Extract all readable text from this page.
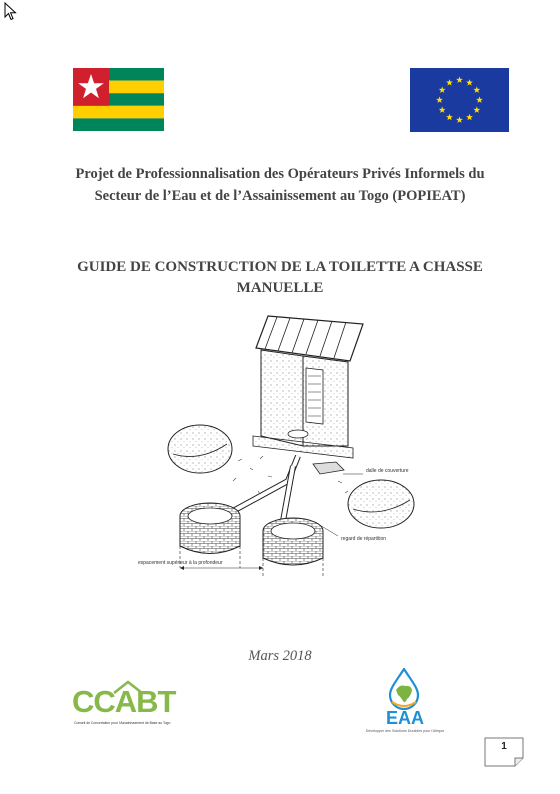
Projet de Professionnalisation des Opérateurs Privés Informels du Secteur de l’Eau et de l’Assainissement au Togo (POPIEAT)
GUIDE DE CONSTRUCTION DE LA TOILETTE A CHASSE MANUELLE
dalle de couverture
regard de répartition
espacement supérieur à la profondeur
Mars 2018
CCABT
Conseil de Concertation pour l'Assainissement de Base au Togo	EAA
Développer des Solutions Durables pour l'Afrique
1
